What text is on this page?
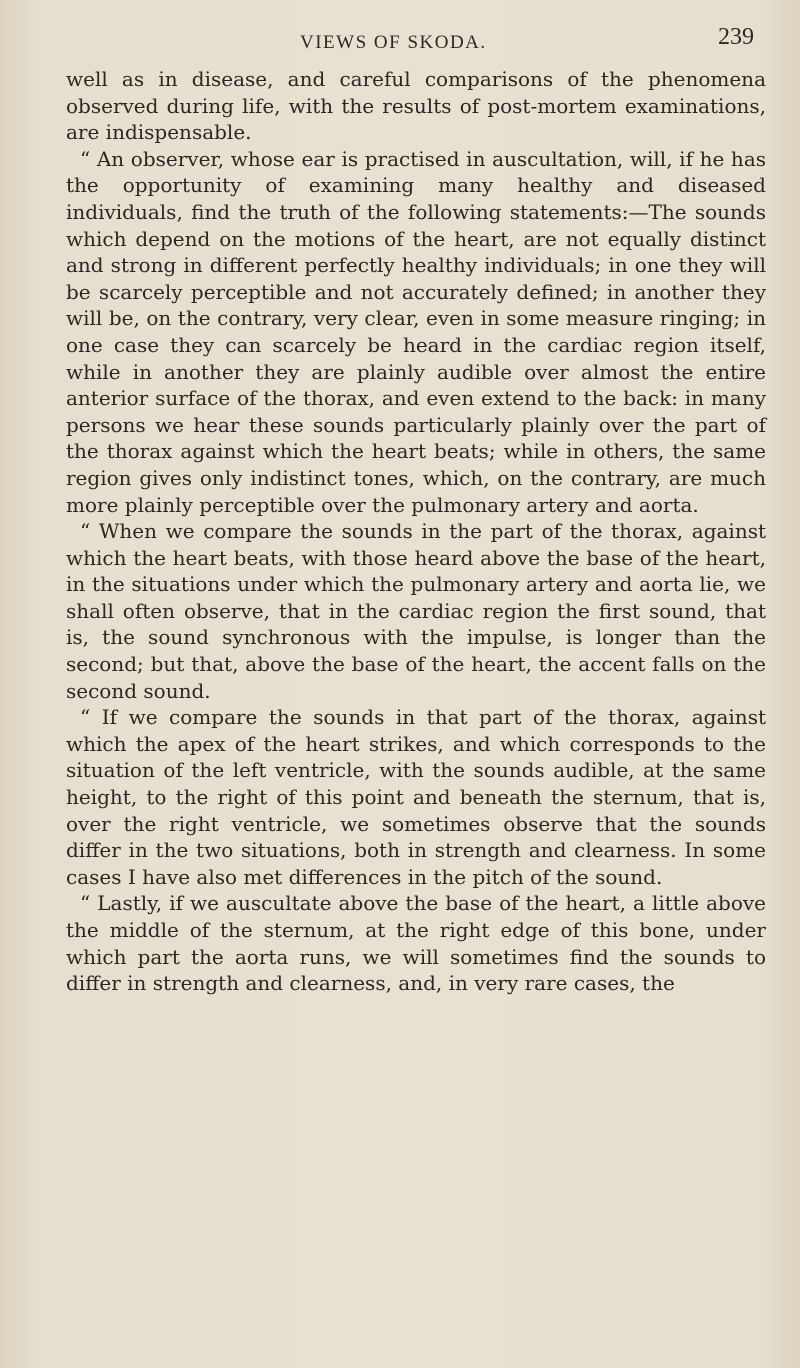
VIEWS OF SKODA.	239

well as in disease, and careful comparisons of the phenomena observed during life, with the results of post-mortem examinations, are indispensable.

“ An observer, whose ear is practised in auscultation, will, if he has the opportunity of examining many healthy and diseased individuals, find the truth of the following statements:—The sounds which depend on the motions of the heart, are not equally distinct and strong in different perfectly healthy individuals; in one they will be scarcely perceptible and not accurately defined; in another they will be, on the contrary, very clear, even in some measure ringing; in one case they can scarcely be heard in the cardiac region itself, while in another they are plainly audible over almost the entire anterior surface of the thorax, and even extend to the back: in many persons we hear these sounds particularly plainly over the part of the thorax against which the heart beats; while in others, the same region gives only indistinct tones, which, on the contrary, are much more plainly perceptible over the pulmonary artery and aorta.

“ When we compare the sounds in the part of the thorax, against which the heart beats, with those heard above the base of the heart, in the situations under which the pulmonary artery and aorta lie, we shall often observe, that in the cardiac region the first sound, that is, the sound synchronous with the impulse, is longer than the second; but that, above the base of the heart, the accent falls on the second sound.

“ If we compare the sounds in that part of the thorax, against which the apex of the heart strikes, and which corresponds to the situation of the left ventricle, with the sounds audible, at the same height, to the right of this point and beneath the sternum, that is, over the right ventricle, we sometimes observe that the sounds differ in the two situations, both in strength and clearness. In some cases I have also met differences in the pitch of the sound.

“ Lastly, if we auscultate above the base of the heart, a little above the middle of the sternum, at the right edge of this bone, under which part the aorta runs, we will sometimes find the sounds to differ in strength and clearness, and, in very rare cases, the
